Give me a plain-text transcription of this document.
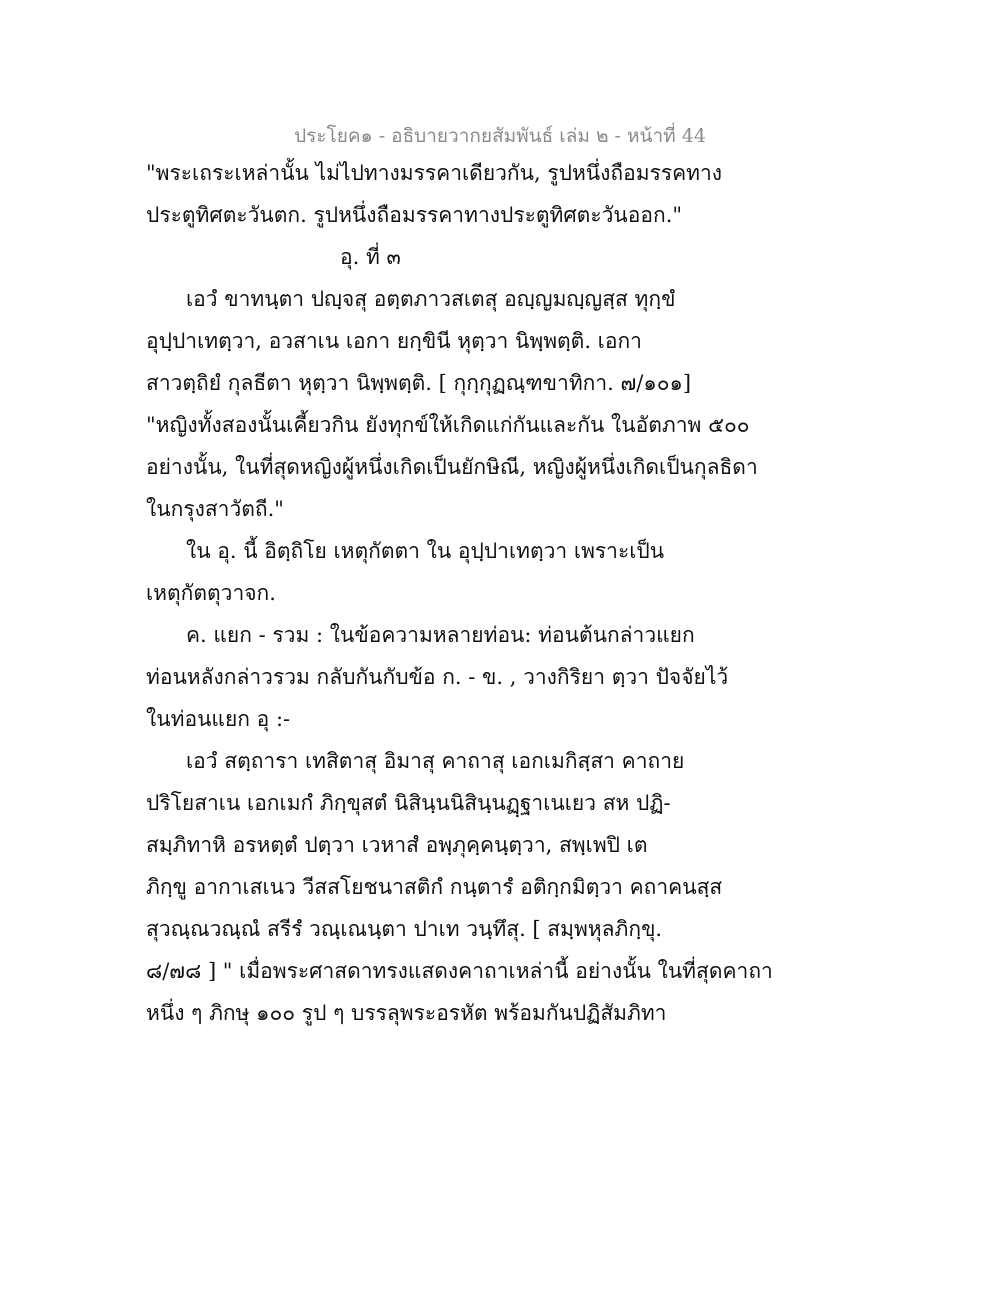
ประโยค๑ - อธิบายวากยสัมพันธ์ เล่ม ๒ - หน้าที่ 44
"พระเถระเหล่านั้น ไม่ไปทางมรรคาเดียวกัน, รูปหนึ่งถือมรรคทาง
ประตูทิศตะวันตก. รูปหนึ่งถือมรรคาทางประตูทิศตะวันออก."
อุ. ที่ ๓
เอวํ ขาทนฺตา ปญฺจสุ อตฺตภาวสเตสุ อญฺญมญฺญสฺส ทุกฺขํ
อุปฺปาเทตฺวา, อวสาเน เอกา ยกฺขินี หุตฺวา นิพฺพตฺติ. เอกา
สาวตฺถิยํ กุลธีตา หุตฺวา นิพฺพตฺติ. [ กุกฺกุฏณฺฑขาทิกา. ๗/๑๐๑]
"หญิงทั้งสองนั้นเคี้ยวกิน ยังทุกข์ให้เกิดแก่กันและกัน ในอัตภาพ ๕๐๐
อย่างนั้น, ในที่สุดหญิงผู้หนึ่งเกิดเป็นยักษิณี, หญิงผู้หนึ่งเกิดเป็นกุลธิดา
ในกรุงสาวัตถี."
ใน อุ. นี้ อิตฺถิโย เหตุกัตตา ใน อุปฺปาเทตฺวา เพราะเป็น
เหตุกัตตุวาจก.
ค. แยก - รวม : ในข้อความหลายท่อน: ท่อนต้นกล่าวแยก
ท่อนหลังกล่าวรวม กลับกันกับข้อ ก. - ข. , วางกิริยา ตฺวา ปัจจัยไว้
ในท่อนแยก อุ :-
เอวํ สตฺถารา เทสิตาสุ อิมาสุ คาถาสุ เอกเมกิสฺสา คาถาย
ปริโยสาเน เอกเมกํ ภิกฺขุสตํ นิสินฺนนิสินฺนฏฺฐาเนเยว สห ปฏิ-
สมฺภิทาหิ อรหตฺตํ ปตฺวา เวหาสํ อพฺภุคฺคนฺตฺวา, สพฺเพปิ เต
ภิกฺขู อากาเสเนว วีสสโยชนาสติกํ กนฺตารํ อติกฺกมิตฺวา คถาคนสฺส
สุวณฺณวณฺณํ สรีรํ วณฺเณนฺตา ปาเท วนฺทึสุ. [ สมฺพหุลภิกฺขุ.
๘/๗๘ ] " เมื่อพระศาสดาทรงแสดงคาถาเหล่านี้ อย่างนั้น ในที่สุดคาถา
หนึ่ง ๆ ภิกษุ ๑๐๐ รูป ๆ บรรลุพระอรหัต พร้อมกันปฏิสัมภิทา
